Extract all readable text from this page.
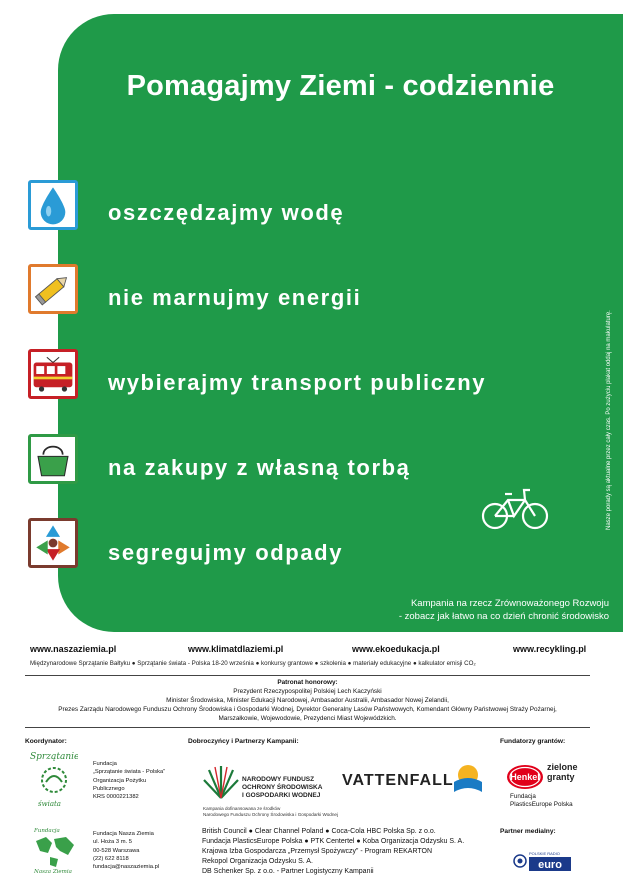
Pomagajmy Ziemi - codziennie
oszczędzajmy wodę
nie marnujmy energii
wybierajmy transport publiczny
na zakupy z własną torbą
segregujmy odpady
Nasze porady są aktualne przez cały czas. Po zużyciu plakat oddaj na makulaturę.
Kampania na rzecz Zrównoważonego Rozwoju
- zobacz jak łatwo na co dzień chronić środowisko
www.naszaziemia.pl	www.klimatdlaziemi.pl	www.ekoedukacja.pl	www.recykling.pl
Międzynarodowe Sprzątanie Bałtyku ● Sprzątanie świata - Polska 18-20 września ● konkursy grantowe ● szkolenia ● materiały edukacyjne ● kalkulator emisji CO₂
Patronat honorowy:
Prezydent Rzeczypospolitej Polskiej Lech Kaczyński
Minister Środowiska, Minister Edukacji Narodowej, Ambasador Australii, Ambasador Nowej Zelandii,
Prezes Zarządu Narodowego Funduszu Ochrony Środowiska i Gospodarki Wodnej, Dyrektor Generalny Lasów Państwowych, Komendant Główny Państwowej Straży Pożarnej,
Marszałkowie, Wojewodowie, Prezydenci Miast Wojewódzkich.
Koordynator:	Dobroczyńcy i Partnerzy Kampanii:	Fundatorzy grantów:
Partner medialny:
Sprzątanie
świata
Fundacja
„Sprzątanie świata - Polska”
Organizacja Pożytku
Publicznego
KRS 0000221382
Fundacja
Nasza Ziemia
Fundacja Nasza Ziemia
ul. Hoża 3 m. 5
00-528 Warszawa
(22) 622 8118
fundacja@naszaziemia.pl
NARODOWY FUNDUSZ
OCHRONY ŚRODOWISKA
I GOSPODARKI WODNEJ
Kampania dofinansowana ze środków
Narodowego Funduszu Ochrony Środowiska i Gospodarki Wodnej
VATTENFALL	Henkel
zielone
granty
Fundacja
PlasticsEurope Polska
British Council ● Clear Channel Poland ● Coca-Cola HBC Polska Sp. z o.o.
Fundacja PlasticsEurope Polska ● PTK Centertel ● Koba Organizacja Odzysku S. A.
Krajowa Izba Gospodarcza „Przemysł Spożywczy” - Program REKARTON
Rekopol Organizacja Odzysku S. A.
DB Schenker Sp. z o.o. - Partner Logistyczny Kampanii
POLSKIE RADIO
euro
